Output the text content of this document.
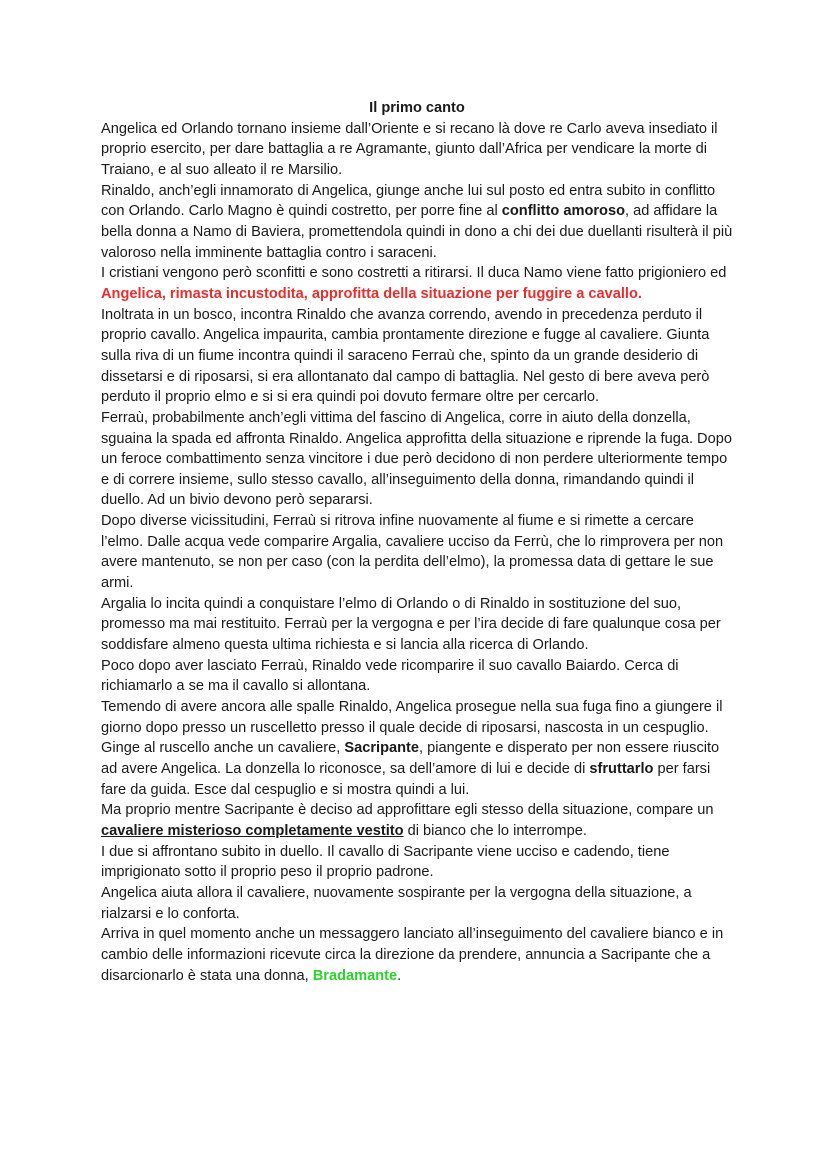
Il primo canto

Angelica ed Orlando tornano insieme dall’Oriente e si recano là dove re Carlo aveva insediato il proprio esercito, per dare battaglia a re Agramante, giunto dall’Africa per vendicare la morte di Traiano, e al suo alleato il re Marsilio.

Rinaldo, anch’egli innamorato di Angelica, giunge anche lui sul posto ed entra subito in conflitto con Orlando. Carlo Magno è quindi costretto, per porre fine al conflitto amoroso, ad affidare la bella donna a Namo di Baviera, promettendola quindi in dono a chi dei due duellanti risulterà il più valoroso nella imminente battaglia contro i saraceni.

I cristiani vengono però sconfitti e sono costretti a ritirarsi. Il duca Namo viene fatto prigioniero ed Angelica, rimasta incustodita, approfitta della situazione per fuggire a cavallo.

Inoltrata in un bosco, incontra Rinaldo che avanza correndo, avendo in precedenza perduto il proprio cavallo. Angelica impaurita, cambia prontamente direzione e fugge al cavaliere. Giunta sulla riva di un fiume incontra quindi il saraceno Ferraù che, spinto da un grande desiderio di dissetarsi e di riposarsi, si era allontanato dal campo di battaglia. Nel gesto di bere aveva però perduto il proprio elmo e si si era quindi poi dovuto fermare oltre per cercarlo.

Ferraù, probabilmente anch’egli vittima del fascino di Angelica, corre in aiuto della donzella, sguaina la spada ed affronta Rinaldo. Angelica approfitta della situazione e riprende la fuga. Dopo un feroce combattimento senza vincitore i due però decidono di non perdere ulteriormente tempo e di correre insieme, sullo stesso cavallo, all’inseguimento della donna, rimandando quindi il duello. Ad un bivio devono però separarsi.

Dopo diverse vicissitudini, Ferraù si ritrova infine nuovamente al fiume e si rimette a cercare l’elmo. Dalle acqua vede comparire Argalia, cavaliere ucciso da Ferrù, che lo rimprovera per non avere mantenuto, se non per caso (con la perdita dell’elmo), la promessa data di gettare le sue armi.

Argalia lo incita quindi a conquistare l’elmo di Orlando o di Rinaldo in sostituzione del suo, promesso ma mai restituito. Ferraù per la vergogna e per l’ira decide di fare qualunque cosa per soddisfare almeno questa ultima richiesta e si lancia alla ricerca di Orlando.

Poco dopo aver lasciato Ferraù, Rinaldo vede ricomparire il suo cavallo Baiardo. Cerca di richiamarlo a se ma il cavallo si allontana.

Temendo di avere ancora alle spalle Rinaldo, Angelica prosegue nella sua fuga fino a giungere il giorno dopo presso un ruscelletto presso il quale decide di riposarsi, nascosta in un cespuglio.

Ginge al ruscello anche un cavaliere, Sacripante, piangente e disperato per non essere riuscito ad avere Angelica. La donzella lo riconosce, sa dell’amore di lui e decide di sfruttarlo per farsi fare da guida. Esce dal cespuglio e si mostra quindi a lui.

Ma proprio mentre Sacripante è deciso ad approfittare egli stesso della situazione, compare un cavaliere misterioso completamente vestito di bianco che lo interrompe.

I due si affrontano subito in duello. Il cavallo di Sacripante viene ucciso e cadendo, tiene imprigionato sotto il proprio peso il proprio padrone.

Angelica aiuta allora il cavaliere, nuovamente sospirante per la vergogna della situazione, a rialzarsi e lo conforta.

Arriva in quel momento anche un messaggero lanciato all’inseguimento del cavaliere bianco e in cambio delle informazioni ricevute circa la direzione da prendere, annuncia a Sacripante che a disarcionarlo è stata una donna, Bradamante.
